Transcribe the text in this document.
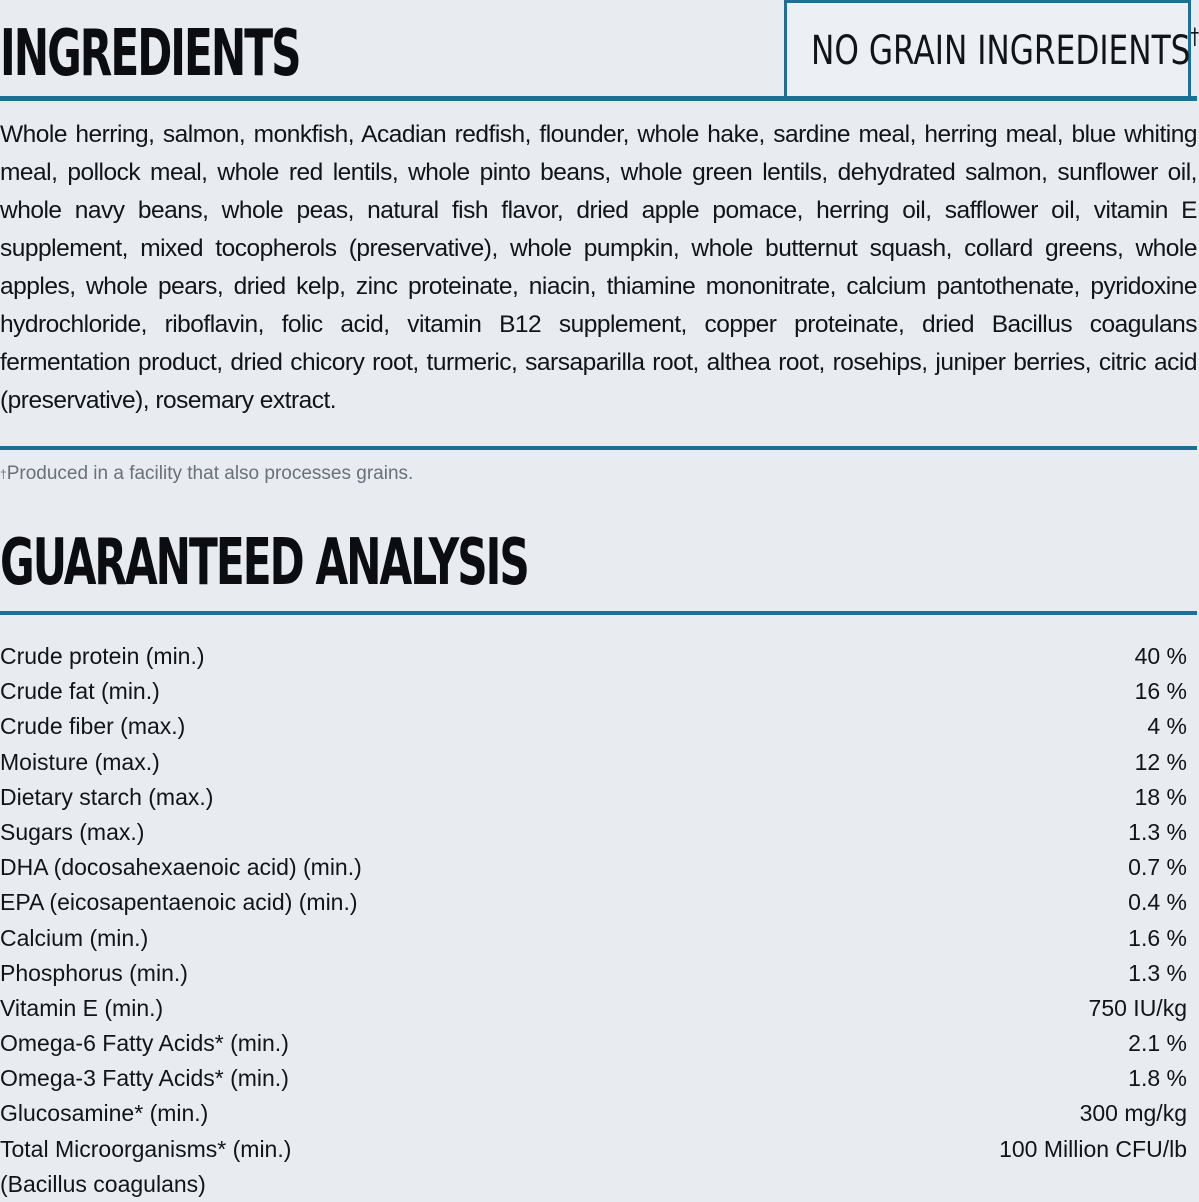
INGREDIENTS	NO GRAIN INGREDIENTS†

Whole herring, salmon, monkfish, Acadian redfish, flounder, whole hake, sardine meal, herring meal, blue whiting meal, pollock meal, whole red lentils, whole pinto beans, whole green lentils, dehydrated salmon, sunflower oil, whole navy beans, whole peas, natural fish flavor, dried apple pomace, herring oil, safflower oil, vitamin E supplement, mixed tocopherols (preservative), whole pumpkin, whole butternut squash, collard greens, whole apples, whole pears, dried kelp, zinc proteinate, niacin, thiamine mononitrate, calcium pantothenate, pyridoxine hydrochloride, riboflavin, folic acid, vitamin B12 supplement, copper proteinate, dried Bacillus coagulans fermentation product, dried chicory root, turmeric, sarsaparilla root, althea root, rosehips, juniper berries, citric acid (preservative), rosemary extract.

†Produced in a facility that also processes grains.

GUARANTEED ANALYSIS
Crude protein (min.)	40 %
Crude fat (min.)	16 %
Crude fiber (max.)	4 %
Moisture (max.)	12 %
Dietary starch (max.)	18 %
Sugars (max.)	1.3 %
DHA (docosahexaenoic acid) (min.)	0.7 %
EPA (eicosapentaenoic acid) (min.)	0.4 %
Calcium (min.)	1.6 %
Phosphorus (min.)	1.3 %
Vitamin E (min.)	750 IU/kg
Omega-6 Fatty Acids* (min.)	2.1 %
Omega-3 Fatty Acids* (min.)	1.8 %
Glucosamine* (min.)	300 mg/kg
Total Microorganisms* (min.)	100 Million CFU/lb
(Bacillus coagulans)
